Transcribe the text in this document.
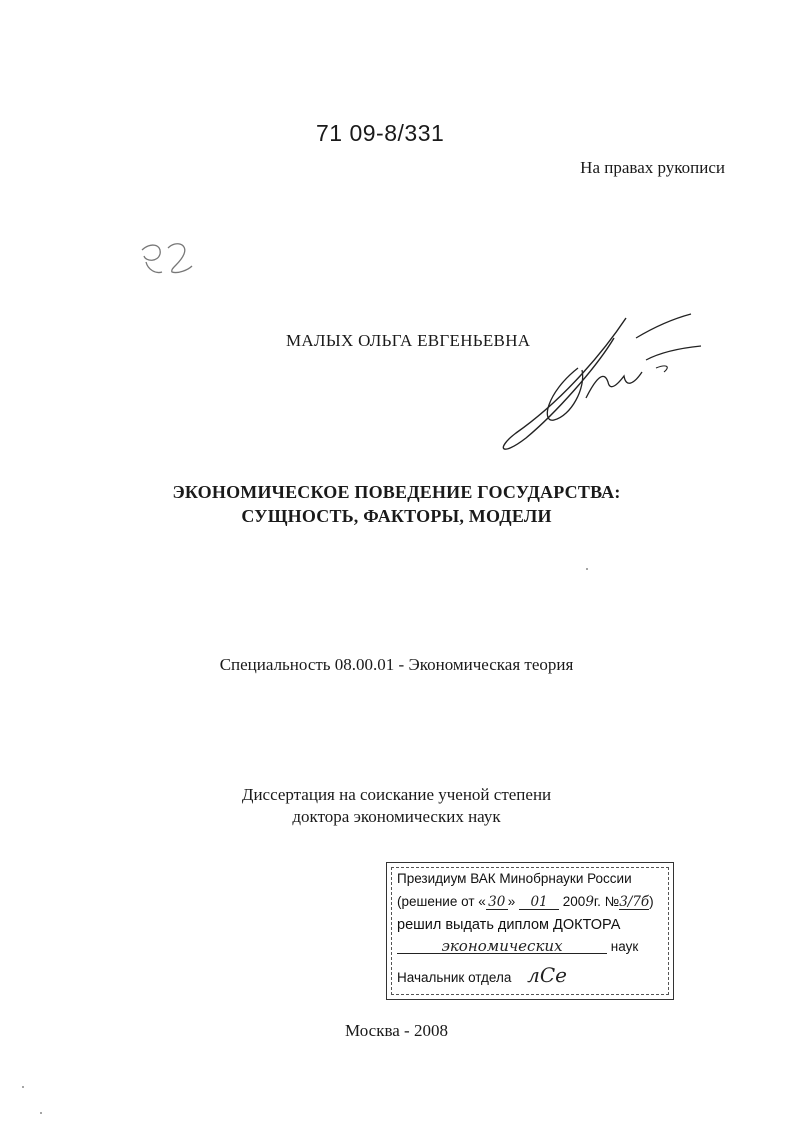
71 09-8/331
На правах рукописи
МАЛЫХ ОЛЬГА ЕВГЕНЬЕВНА
ЭКОНОМИЧЕСКОЕ ПОВЕДЕНИЕ ГОСУДАРСТВА:
СУЩНОСТЬ, ФАКТОРЫ, МОДЕЛИ
Специальность 08.00.01 - Экономическая теория
Диссертация на соискание ученой степени
доктора экономических наук
Президиум ВАК Минобрнауки России
(решение от « 30 » 01 2009г. №3/7б)
решил выдать диплом ДОКТОРА
экономических	наук
Начальник отдела лСе
Москва - 2008
